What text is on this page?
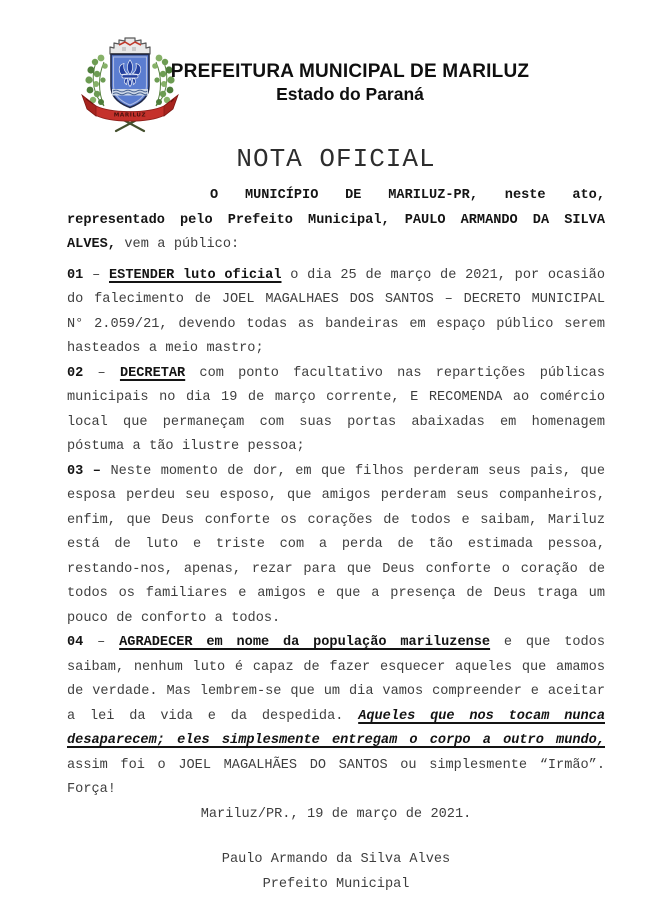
MARILUZ
PREFEITURA MUNICIPAL DE MARILUZ
Estado do Paraná
NOTA OFICIAL

O MUNICÍPIO DE MARILUZ-PR, neste ato, representado pelo Prefeito Municipal, PAULO ARMANDO DA SILVA ALVES, vem a público:

01 – ESTENDER luto oficial o dia 25 de março de 2021, por ocasião do falecimento de JOEL MAGALHAES DOS SANTOS – DECRETO MUNICIPAL N° 2.059/21, devendo todas as bandeiras em espaço público serem hasteados a meio mastro;

02 – DECRETAR com ponto facultativo nas repartições públicas municipais no dia 19 de março corrente, E RECOMENDA ao comércio local que permaneçam com suas portas abaixadas em homenagem póstuma a tão ilustre pessoa;

03 – Neste momento de dor, em que filhos perderam seus pais, que esposa perdeu seu esposo, que amigos perderam seus companheiros, enfim, que Deus conforte os corações de todos e saibam, Mariluz está de luto e triste com a perda de tão estimada pessoa, restando-nos, apenas, rezar para que Deus conforte o coração de todos os familiares e amigos e que a presença de Deus traga um pouco de conforto a todos.

04 – AGRADECER em nome da população mariluzense e que todos saibam, nenhum luto é capaz de fazer esquecer aqueles que amamos de verdade. Mas lembrem-se que um dia vamos compreender e aceitar a lei da vida e da despedida. Aqueles que nos tocam nunca desaparecem; eles simplesmente entregam o corpo a outro mundo, assim foi o JOEL MAGALHÃES DO SANTOS ou simplesmente “Irmão”. Força!

Mariluz/PR., 19 de março de 2021.

Paulo Armando da Silva Alves

Prefeito Municipal
